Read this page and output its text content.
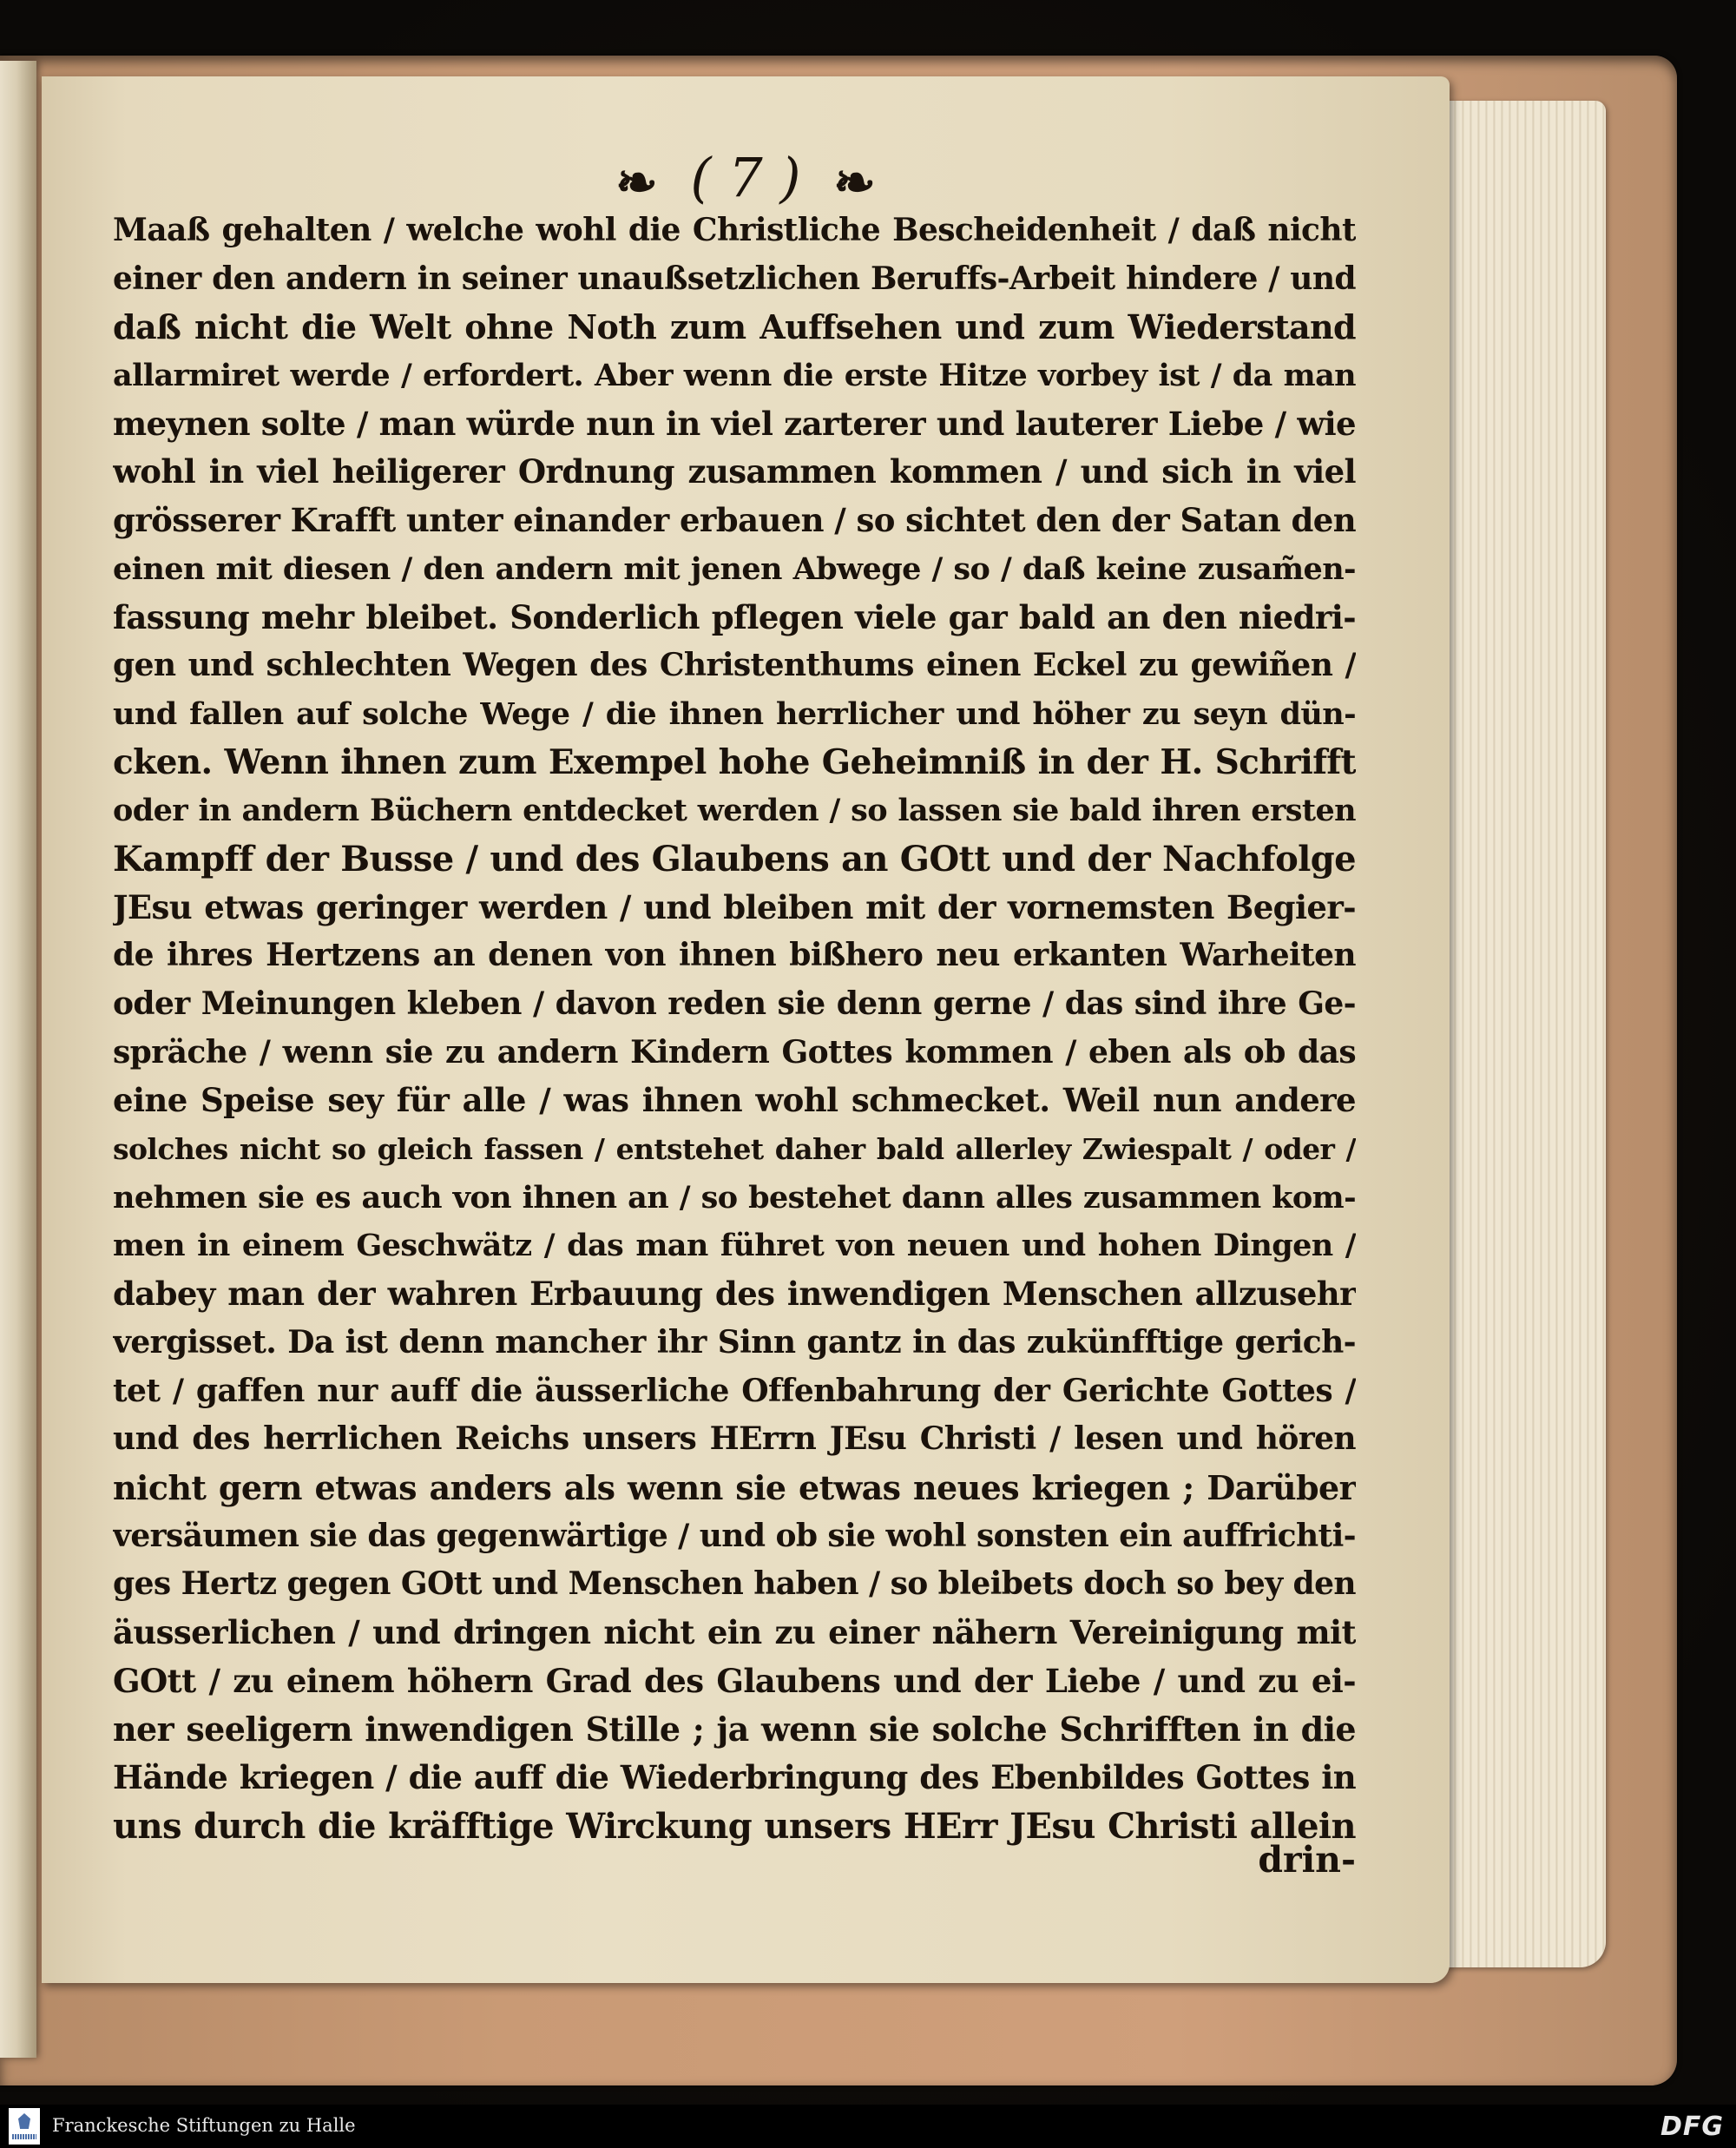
❧ ( 7 ) ❧
Maaß gehalten / welche wohl die Christliche Bescheidenheit / daß nicht
einer den andern in seiner unaußsetzlichen Beruffs-Arbeit hindere / und
daß nicht die Welt ohne Noth zum Auffsehen und zum Wiederstand
allarmiret werde / erfordert. Aber wenn die erste Hitze vorbey ist / da man
meynen solte / man würde nun in viel zarterer und lauterer Liebe / wie
wohl in viel heiligerer Ordnung zusammen kommen / und sich in viel
grösserer Krafft unter einander erbauen / so sichtet den der Satan den
einen mit diesen / den andern mit jenen Abwege / so / daß keine zusam̃en-
fassung mehr bleibet. Sonderlich pflegen viele gar bald an den niedri-
gen und schlechten Wegen des Christenthums einen Eckel zu gewiñen /
und fallen auf solche Wege / die ihnen herrlicher und höher zu seyn dün-
cken. Wenn ihnen zum Exempel hohe Geheimniß in der H. Schrifft
oder in andern Büchern entdecket werden / so lassen sie bald ihren ersten
Kampff der Busse / und des Glaubens an GOtt und der Nachfolge
JEsu etwas geringer werden / und bleiben mit der vornemsten Begier-
de ihres Hertzens an denen von ihnen bißhero neu erkanten Warheiten
oder Meinungen kleben / davon reden sie denn gerne / das sind ihre Ge-
spräche / wenn sie zu andern Kindern Gottes kommen / eben als ob das
eine Speise sey für alle / was ihnen wohl schmecket. Weil nun andere
solches nicht so gleich fassen / entstehet daher bald allerley Zwiespalt / oder /
nehmen sie es auch von ihnen an / so bestehet dann alles zusammen kom-
men in einem Geschwätz / das man führet von neuen und hohen Dingen /
dabey man der wahren Erbauung des inwendigen Menschen allzusehr
vergisset. Da ist denn mancher ihr Sinn gantz in das zukünfftige gerich-
tet / gaffen nur auff die äusserliche Offenbahrung der Gerichte Gottes /
und des herrlichen Reichs unsers HErrn JEsu Christi / lesen und hören
nicht gern etwas anders als wenn sie etwas neues kriegen ; Darüber
versäumen sie das gegenwärtige / und ob sie wohl sonsten ein auffrichti-
ges Hertz gegen GOtt und Menschen haben / so bleibets doch so bey den
äusserlichen / und dringen nicht ein zu einer nähern Vereinigung mit
GOtt / zu einem höhern Grad des Glaubens und der Liebe / und zu ei-
ner seeligern inwendigen Stille ; ja wenn sie solche Schrifften in die
Hände kriegen / die auff die Wiederbringung des Ebenbildes Gottes in
uns durch die kräfftige Wirckung unsers HErr JEsu Christi allein
drin-
Franckesche Stiftungen zu Halle	DFG
